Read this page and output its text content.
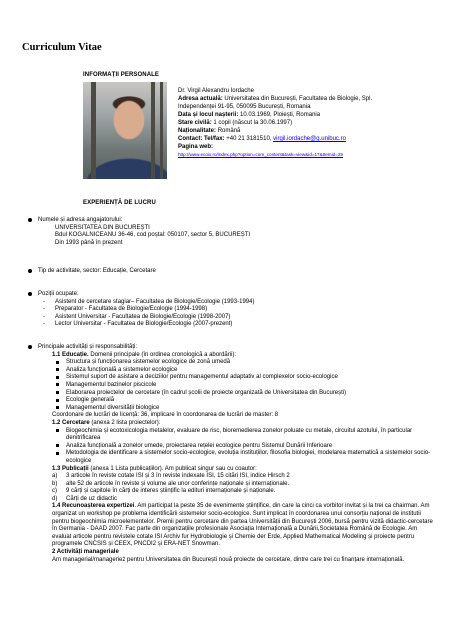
Curriculum Vitae
INFORMAȚII PERSONALE
Dr. Virgil Alexandru Iordache
Adresa actuală: Universitatea din București, Facultatea de Biologie, Spl.
Independenței 91-95, 050095 București, Romania
Data și locul nașterii: 10.03.1969, Ploiești, Romania
Stare civilă: 1 copil (născut la 30.06.1997)
Naționalitate: Română
Contact: Tel/fax: +40 21 3181510, virgil.iordache@g.unibuc.ro
Pagina web:
http://www.ecoix.ro/index.php?option=com_content&task=view&id=17&Itemid=29
EXPERIENȚĂ DE LUCRU
Numele și adresa angajatorului:
UNIVERSITATEA DIN BUCUREȘTI
Bdul KOGALNICEANU 36-46, cod poștal: 050107, sector 5, BUCUREȘTI
Din 1993 până în prezent
Tip de activitate, sector: Educație, Cercetare
Poziții ocupate:
- Asistent de cercetare stagiar– Facultatea de Biologie/Ecologie (1993-1994)
- Preparator - Facultatea de Biologie/Ecologie (1994-1998)
- Asistent Universitar - Facultatea de Biologie/Ecologie (1998-2007)
- Lector Universitar - Facultatea de Biologie/Ecologie (2007-prezent)
Principale activități și responsabilități:
1.1 Educație. Domenii principale (în ordinea cronologică a abordării):
Structura și funcționarea sistemelor ecologice de zonă umedă
Analiza funcțională a sistemelor ecologice
Sistemul suport de asistare a deciziilor pentru managementul adaptativ al complexelor socio-ecologice
Managementul bazinelor piscicole
Elaborarea proiectelor de cercetare (în cadrul școlii de proiecte organizată de Universitatea din București)
Ecologie generală
Managementul diversității biologice
Coordonare de lucrări de licență: 36, implicare în coordonarea de lucrări de master: 8
1.2 Cercetare (anexa 2 lista proiectelor):
Biogeochimia și ecotoxicologia metalelor, evaluare de risc, bioremedierea zonelor poluate cu metale, circuitul azotului, în particular denitrificarea
Analiza funcțională a zonelor umede, proiectarea rețelei ecologice pentru Sistemul Dunării Inferioare
Metodologia de identificare a sistemelor socio-ecologice, evoluția instituțiilor, filosofia biologiei, modelarea matematică a sistemelor socio-ecologice
1.3 Publicații (anexa 1 Lista publicațiilor). Am publicat singur sau cu coautor:
a) 3 articole în reviste cotate ISI și 3 în reviste indexate ISI, 15 citări ISI, indice Hirsch 2
b) alte 52 de articole în reviste și volume ale unor conferințe naționale și internaționale.
c) 9 cărți și capitole în cărți de interes științific la edituri internaționale și naționale.
d) Cărți de uz didactic
1.4 Recunoașterea expertizei. Am participat la peste 35 de evenimente științifice, din care la cinci ca vorbitor invitat și la trei ca chairman. Am organizat un workshop pe problema identificării sistemelor socio-ecologice. Sunt implicat în coordonarea unui consorțiu național de institutii pentru biogeochimia microelementelor. Premii pentru cercetare din partea Universității din București 2006, bursă pentru vizită didactic-cercetare în Germania - DAAD 2007. Fac parte din organizațiile profesionale Asociația Internațională a Dunării,Societatea Română de Ecologie. Am evaluat articole pentru revistele cotate ISI Archiv fur Hydrobiologie și Chemie der Erde, Applied Mathematical Modeling și proiecte pentru programele CNCSIS și CEEX, PNCDI2 și ERA-NET Snowman.
2 Activități manageriale
Am managerial/managerież pentru Universitatea din București nouă proiecte de cercetare, dintre care trei cu finanțare internațională.
